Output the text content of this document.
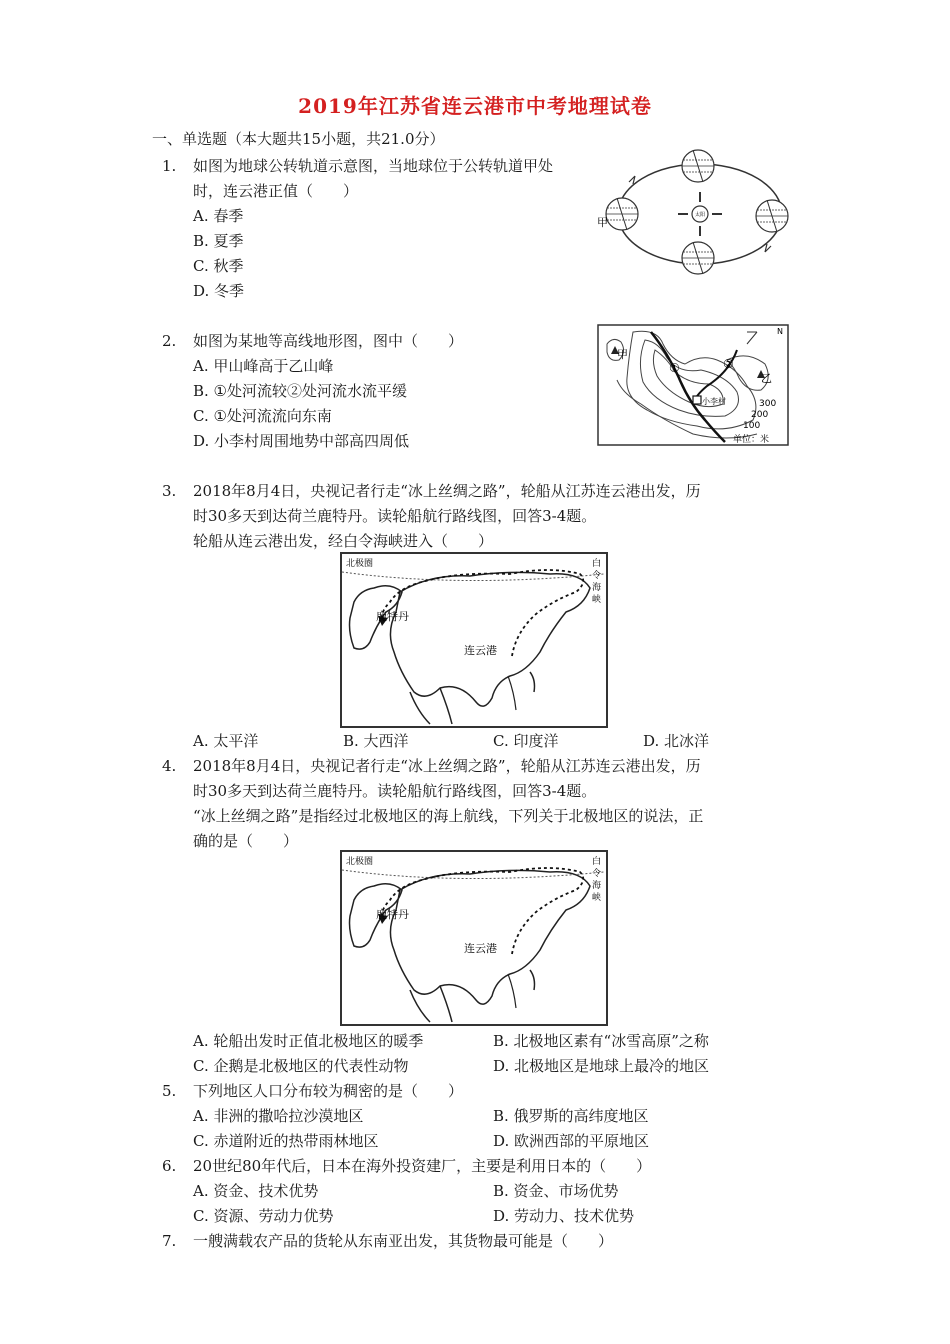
2019年江苏省连云港市中考地理试卷
一、单选题（本大题共15小题，共21.0分）
1. 如图为地球公转轨道示意图，当地球位于公转轨道甲处
时，连云港正值（　　）
A. 春季
B. 夏季
C. 秋季
D. 冬季
太阳
甲
2. 如图为某地等高线地形图，图中（　　）
A. 甲山峰高于乙山峰
B. ①处河流较②处河流水流平缓
C. ①处河流流向东南
D. 小李村周围地势中部高四周低
甲
乙
①	②
小李村	300
200
100
单位：米
N
3. 2018年8月4日，央视记者行走“冰上丝绸之路”，轮船从江苏连云港出发，历
时30多天到达荷兰鹿特丹。读轮船航行路线图，回答3-4题。
轮船从连云港出发，经白令海峡进入（　　）
北极圈
鹿特丹
连云港
白
令
海
峡
A. 太平洋	B. 大西洋	C. 印度洋	D. 北冰洋
4. 2018年8月4日，央视记者行走“冰上丝绸之路”，轮船从江苏连云港出发，历
时30多天到达荷兰鹿特丹。读轮船航行路线图，回答3-4题。
“冰上丝绸之路”是指经过北极地区的海上航线，下列关于北极地区的说法，正
确的是（　　）
北极圈
鹿特丹
连云港
白
令
海
峡
A. 轮船出发时正值北极地区的暖季	B. 北极地区素有“冰雪高原”之称
C. 企鹅是北极地区的代表性动物	D. 北极地区是地球上最冷的地区
5. 下列地区人口分布较为稠密的是（　　）
A. 非洲的撒哈拉沙漠地区	B. 俄罗斯的高纬度地区
C. 赤道附近的热带雨林地区	D. 欧洲西部的平原地区
6. 20世纪80年代后，日本在海外投资建厂，主要是利用日本的（　　）
A. 资金、技术优势	B. 资金、市场优势
C. 资源、劳动力优势	D. 劳动力、技术优势
7. 一艘满载农产品的货轮从东南亚出发，其货物最可能是（　　）
